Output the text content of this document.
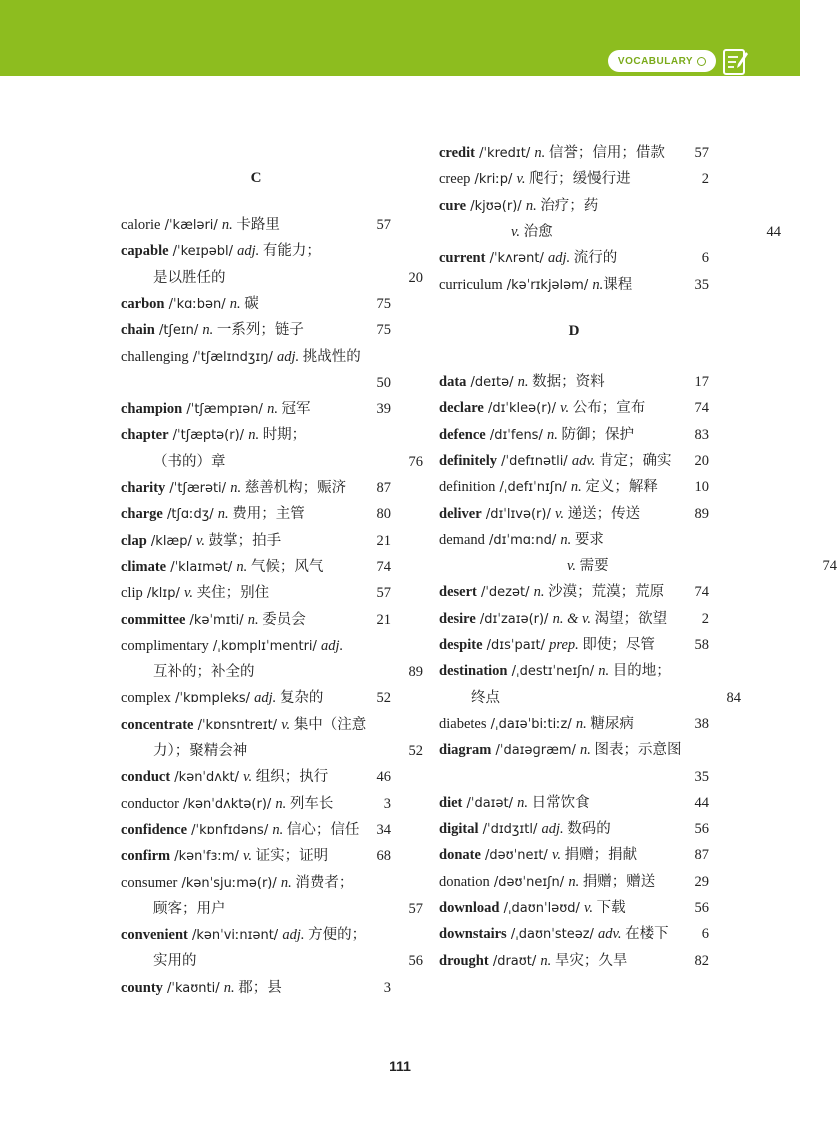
VOCABULARY
C
calorie /ˈkæləri/ n. 卡路里	57
capable /ˈkeɪpəbl/ adj. 有能力；
是以胜任的	20
carbon /ˈkɑːbən/ n. 碳	75
chain /tʃeɪn/ n. 一系列；链子	75
challenging /ˈtʃælɪndʒɪŋ/ adj. 挑战性的
50
champion /ˈtʃæmpɪən/ n. 冠军	39
chapter /ˈtʃæptə(r)/ n. 时期；
（书的）章	76
charity /ˈtʃærəti/ n. 慈善机构；赈济 87
charge /tʃɑːdʒ/ n. 费用；主管	80
clap /klæp/ v. 鼓掌；拍手	21
climate /ˈklaɪmət/ n. 气候；风气	74
clip /klɪp/ v. 夹住；别住	57
committee /kəˈmɪti/ n. 委员会	21
complimentary /ˌkɒmplɪˈmentri/ adj.
互补的；补全的	89
complex /ˈkɒmpleks/ adj. 复杂的	52
concentrate /ˈkɒnsntreɪt/ v. 集中（注意
力）；聚精会神	52
conduct /kənˈdʌkt/ v. 组织；执行	46
conductor /kənˈdʌktə(r)/ n. 列车长	3
confidence /ˈkɒnfɪdəns/ n. 信心；信任 34
confirm /kənˈfɜːm/ v. 证实；证明	68
consumer /kənˈsjuːmə(r)/ n. 消费者；
顾客；用户	57
convenient /kənˈviːnɪənt/ adj. 方便的；
实用的	56
county /ˈkaʊnti/ n. 郡；县	3
credit /ˈkredɪt/ n. 信誉；信用；借款 57
creep /kriːp/ v. 爬行；缓慢行进	2
cure /kjʊə(r)/ n. 治疗；药
v. 治愈	44
current /ˈkʌrənt/ adj. 流行的	6
curriculum /kəˈrɪkjələm/ n.课程	35
D
data /deɪtə/ n. 数据；资料	17
declare /dɪˈkleə(r)/ v. 公布；宣布	74
defence /dɪˈfens/ n. 防御；保护	83
definitely /ˈdefɪnətli/ adv. 肯定；确实 20
definition /ˌdefɪˈnɪʃn/ n. 定义；解释	10
deliver /dɪˈlɪvə(r)/ v. 递送；传送	89
demand /dɪˈmɑːnd/ n. 要求
v. 需要	74
desert /ˈdezət/ n. 沙漠；荒漠；荒原 74
desire /dɪˈzaɪə(r)/ n. & v. 渴望；欲望 2
despite /dɪsˈpaɪt/ prep. 即使；尽管	58
destination /ˌdestɪˈneɪʃn/ n. 目的地；
终点	84
diabetes /ˌdaɪəˈbiːtiːz/ n. 糖尿病	38
diagram /ˈdaɪəɡræm/ n. 图表；示意图
35
diet /ˈdaɪət/ n. 日常饮食	44
digital /ˈdɪdʒɪtl/ adj. 数码的	56
donate /dəʊˈneɪt/ v. 捐赠；捐献	87
donation /dəʊˈneɪʃn/ n. 捐赠；赠送	29
download /ˌdaʊnˈləʊd/ v. 下载	56
downstairs /ˌdaʊnˈsteəz/ adv. 在楼下 6
drought /draʊt/ n. 旱灾；久旱	82
111
